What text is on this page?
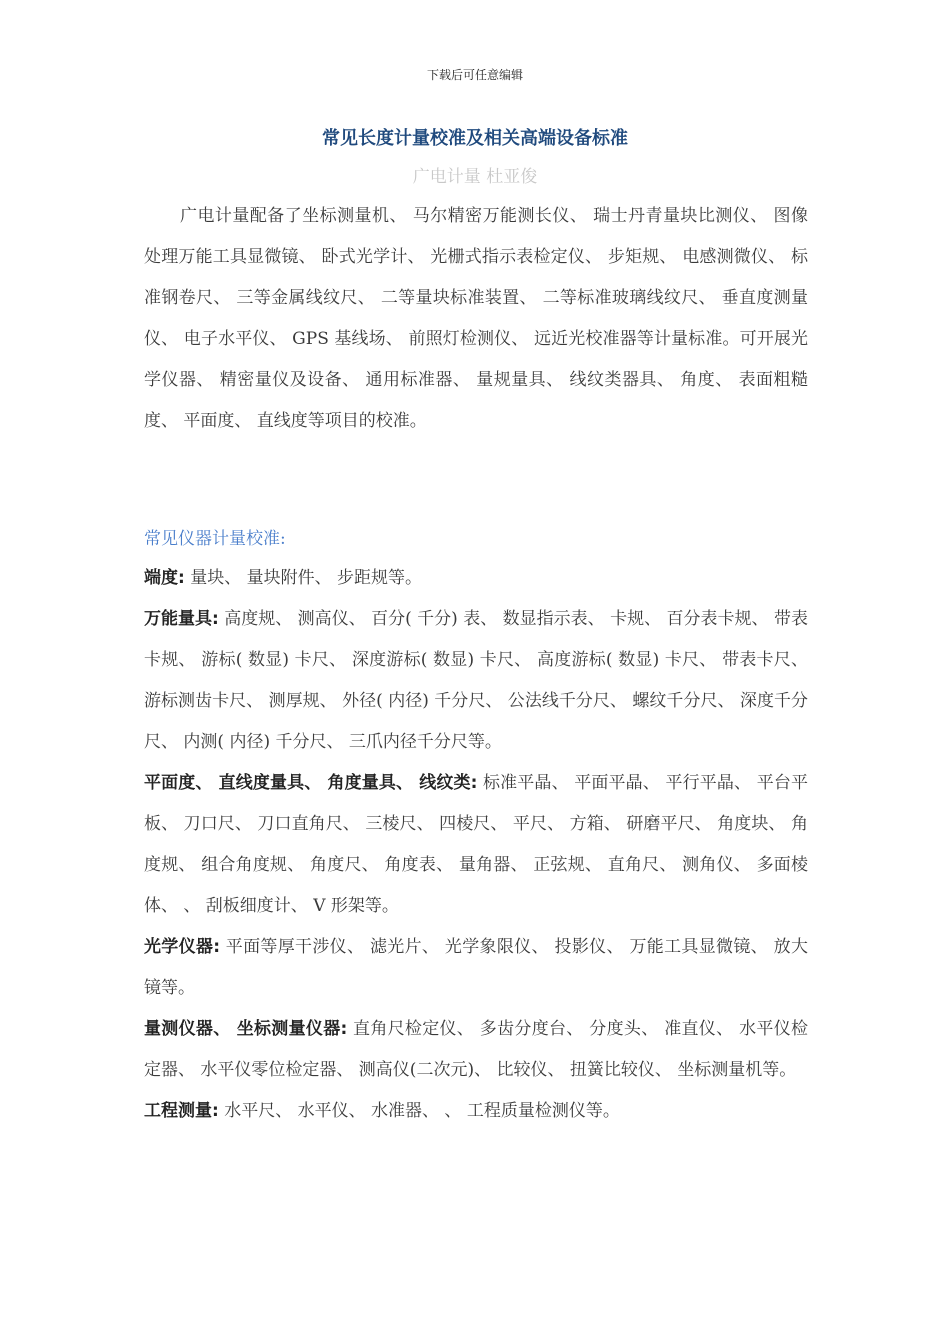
下载后可任意编辑
常见长度计量校准及相关高端设备标准
广电计量 杜亚俊

广电计量配备了坐标测量机、 马尔精密万能测长仪、 瑞士丹青量块比测仪、 图像处理万能工具显微镜、 卧式光学计、 光栅式指示表检定仪、 步矩规、 电感测微仪、 标准钢卷尺、 三等金属线纹尺、 二等量块标准装置、 二等标准玻璃线纹尺、 垂直度测量仪、 电子水平仪、 GPS 基线场、 前照灯检测仪、 远近光校准器等计量标准。可开展光学仪器、 精密量仪及设备、 通用标准器、 量规量具、 线纹类器具、 角度、 表面粗糙度、 平面度、 直线度等项目的校准。

常见仪器计量校准:

端度: 量块、 量块附件、 步距规等。

万能量具: 高度规、 测高仪、 百分( 千分) 表、 数显指示表、 卡规、 百分表卡规、 带表卡规、 游标( 数显) 卡尺、 深度游标( 数显) 卡尺、 高度游标( 数显) 卡尺、 带表卡尺、 游标测齿卡尺、 测厚规、 外径( 内径) 千分尺、 公法线千分尺、 螺纹千分尺、 深度千分尺、 内测( 内径) 千分尺、 三爪内径千分尺等。

平面度、 直线度量具、 角度量具、 线纹类: 标准平晶、 平面平晶、 平行平晶、 平台平板、 刀口尺、 刀口直角尺、 三棱尺、 四棱尺、 平尺、 方箱、 研磨平尺、 角度块、 角度规、 组合角度规、 角度尺、 角度表、 量角器、 正弦规、 直角尺、 测角仪、 多面棱体、 、 刮板细度计、 V 形架等。

光学仪器: 平面等厚干涉仪、 滤光片、 光学象限仪、 投影仪、 万能工具显微镜、 放大镜等。

量测仪器、 坐标测量仪器: 直角尺检定仪、 多齿分度台、 分度头、 准直仪、 水平仪检定器、 水平仪零位检定器、 测高仪(二次元)、 比较仪、 扭簧比较仪、 坐标测量机等。

工程测量: 水平尺、 水平仪、 水准器、 、 工程质量检测仪等。
